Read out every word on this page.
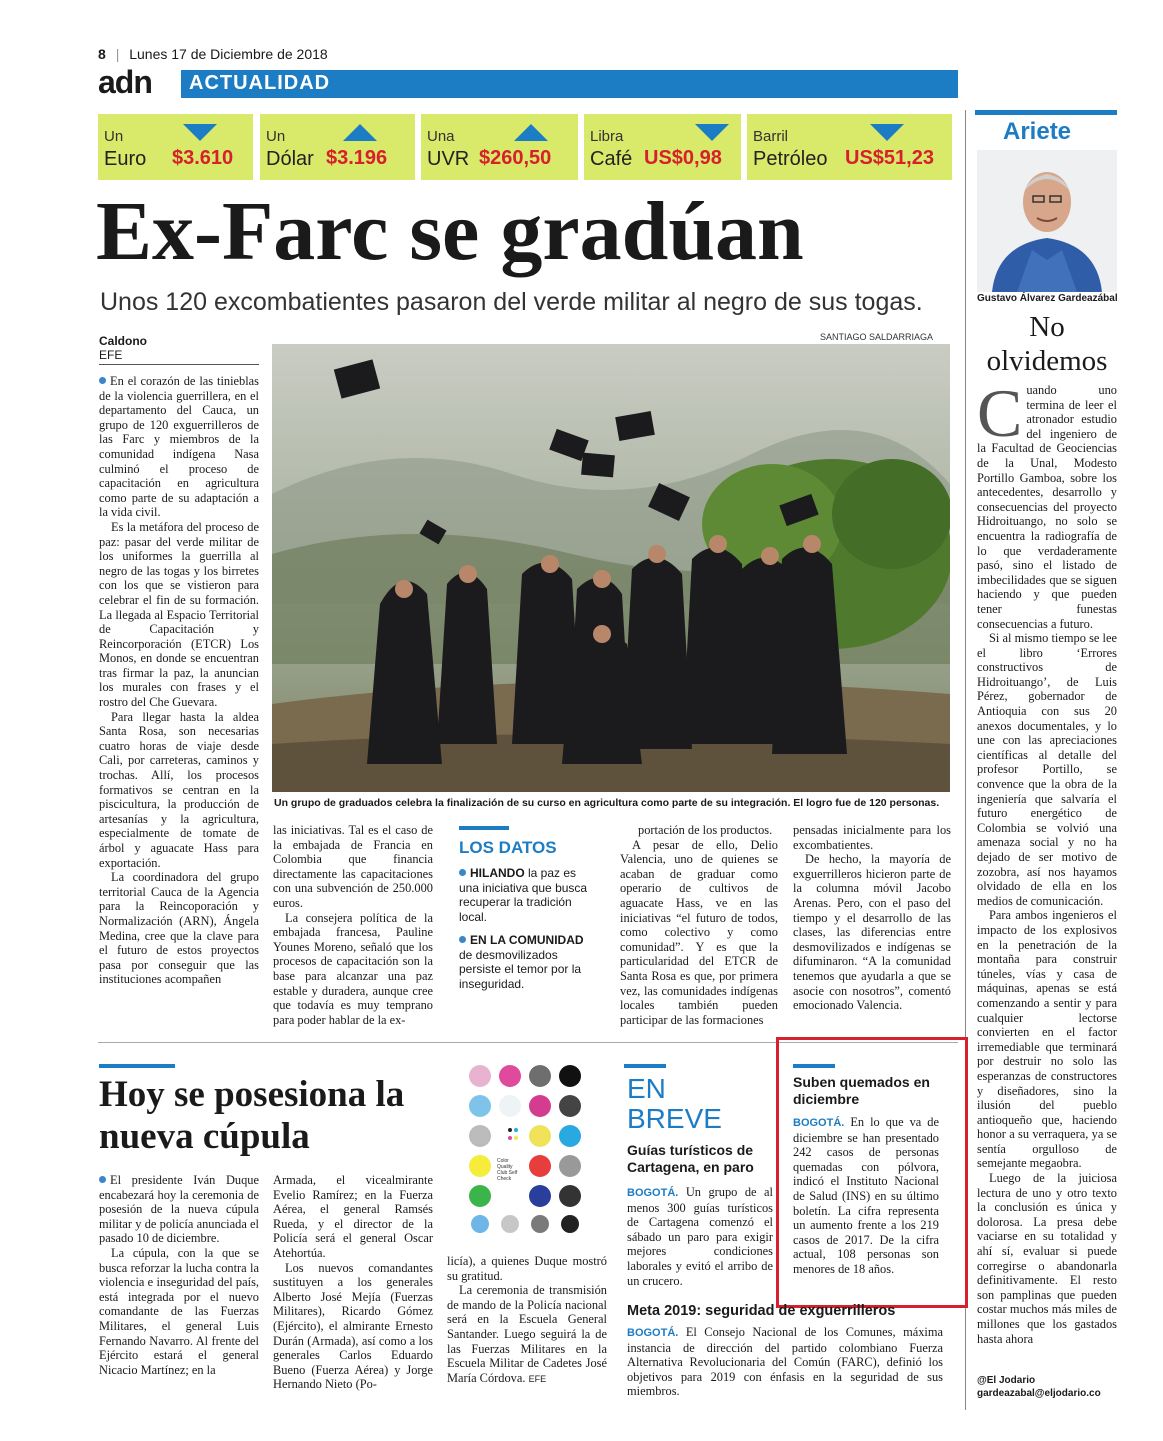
8 | Lunes 17 de Diciembre de 2018
adn	ACTUALIDAD
Un
Euro $3.610
Un
Dólar $3.196
Una
UVR $260,50
Libra
Café US$0,98
Barril
Petróleo US$51,23
Ex-Farc se gradúan
Unos 120 excombatientes pasaron del verde militar al negro de sus togas.
Caldono
EFE
SANTIAGO SALDARRIAGA
Un grupo de graduados celebra la finalización de su curso en agricultura como parte de su integración. El logro fue de 120 personas.

En el corazón de las tinieblas de la violencia guerrillera, en el departamento del Cauca, un grupo de 120 exguerrilleros de las Farc y miembros de la comunidad indígena Nasa culminó el proceso de capacitación en agricultura como parte de su adaptación a la vida civil.

Es la metáfora del proceso de paz: pasar del verde militar de los uniformes la guerrilla al negro de las togas y los birretes con los que se vistieron para celebrar el fin de su formación. La llegada al Espacio Territorial de Capacitación y Reincorporación (ETCR) Los Monos, en donde se encuentran tras firmar la paz, la anuncian los murales con frases y el rostro del Che Guevara.

Para llegar hasta la aldea Santa Rosa, son necesarias cuatro horas de viaje desde Cali, por carreteras, caminos y trochas. Allí, los procesos formativos se centran en la piscicultura, la producción de artesanías y la agricultura, especialmente de tomate de árbol y aguacate Hass para exportación.

La coordinadora del grupo territorial Cauca de la Agencia para la Reincoporación y Normalización (ARN), Ángela Medina, cree que la clave para el futuro de estos proyectos pasa por conseguir que las instituciones acompañen

las iniciativas. Tal es el caso de la embajada de Francia en Colombia que financia directamente las capacitaciones con una subvención de 250.000 euros.

La consejera política de la embajada francesa, Pauline Younes Moreno, señaló que los procesos de capacitación son la base para alcanzar una paz estable y duradera, aunque cree que todavía es muy temprano para poder hablar de la ex-

LOS DATOS

HILANDO la paz es una iniciativa que busca recuperar la tradición local.

EN LA COMUNIDAD de desmovilizados persiste el temor por la inseguridad.

portación de los productos.

A pesar de ello, Delio Valencia, uno de quienes se acaban de graduar como operario de cultivos de aguacate Hass, ve en las iniciativas “el futuro de todos, como colectivo y como comunidad”. Y es que la particularidad del ETCR de Santa Rosa es que, por primera vez, las comunidades indígenas locales también pueden participar de las formaciones

pensadas inicialmente para los excombatientes.

De hecho, la mayoría de exguerrilleros hicieron parte de la columna móvil Jacobo Arenas. Pero, con el paso del tiempo y el desarrollo de las clases, las diferencias entre desmovilizados e indígenas se difuminaron. “A la comunidad tenemos que ayudarla a que se asocie con nosotros”, comentó emocionado Valencia.

Ariete
Gustavo Álvarez Gardeazábal
No olvidemos

Cuando uno termina de leer el atronador estudio del ingeniero de la Facultad de Geociencias de la Unal, Modesto Portillo Gamboa, sobre los antecedentes, desarrollo y consecuencias del proyecto Hidroituango, no solo se encuentra la radiografía de lo que verdaderamente pasó, sino el listado de imbecilidades que se siguen haciendo y que pueden tener funestas consecuencias a futuro.

Si al mismo tiempo se lee el libro ‘Errores constructivos de Hidroituango’, de Luis Pérez, gobernador de Antioquia con sus 20 anexos documentales, y lo une con las apreciaciones científicas al detalle del profesor Portillo, se convence que la obra de la ingeniería que salvaría el futuro energético de Colombia se volvió una amenaza social y no ha dejado de ser motivo de zozobra, así nos hayamos olvidado de ella en los medios de comunicación.

Para ambos ingenieros el impacto de los explosivos en la penetración de la montaña para construir túneles, vías y casa de máquinas, apenas se está comenzando a sentir y para cualquier lectorse convierten en el factor irremediable que terminará por destruir no solo las esperanzas de constructores y diseñadores, sino la ilusión del pueblo antioqueño que, haciendo honor a su verraquera, ya se sentía orgulloso de semejante megaobra.

Luego de la juiciosa lectura de uno y otro texto la conclusión es única y dolorosa. La presa debe vaciarse en su totalidad y ahí sí, evaluar si puede corregirse o abandonarla definitivamente. El resto son pamplinas que pueden costar muchos más miles de millones que los gastados hasta ahora

@El Jodario
gardeazabal@eljodario.co
Hoy se posesiona la nueva cúpula

El presidente Iván Duque encabezará hoy la ceremonia de posesión de la nueva cúpula militar y de policía anunciada el pasado 10 de diciembre.

La cúpula, con la que se busca reforzar la lucha contra la violencia e inseguridad del país, está integrada por el nuevo comandante de las Fuerzas Militares, el general Luis Fernando Navarro. Al frente del Ejército estará el general Nicacio Martínez; en la

Armada, el vicealmirante Evelio Ramírez; en la Fuerza Aérea, el general Ramsés Rueda, y el director de la Policía será el general Oscar Atehortúa.

Los nuevos comandantes sustituyen a los generales Alberto José Mejía (Fuerzas Militares), Ricardo Gómez (Ejército), el almirante Ernesto Durán (Armada), así como a los generales Carlos Eduardo Bueno (Fuerza Aérea) y Jorge Hernando Nieto (Po-

licía), a quienes Duque mostró su gratitud.

La ceremonia de transmisión de mando de la Policía nacional será en la Escuela General Santander. Luego seguirá la de las Fuerzas Militares en la Escuela Militar de Cadetes José María Córdova. EFE

Color Quality Club Self Check
EN
BREVE
Guías turísticos de Cartagena, en paro

BOGOTÁ. Un grupo de al menos 300 guías turísticos de Cartagena comenzó el sábado un paro para exigir mejores condiciones laborales y evitó el arribo de un crucero.

Suben quemados en diciembre

BOGOTÁ. En lo que va de diciembre se han presentado 242 casos de personas quemadas con pólvora, indicó el Instituto Nacional de Salud (INS) en su último boletín. La cifra representa un aumento frente a los 219 casos de 2017. De la cifra actual, 108 personas son menores de 18 años.

Meta 2019: seguridad de exguerrilleros

BOGOTÁ. El Consejo Nacional de los Comunes, máxima instancia de dirección del partido colombiano Fuerza Alternativa Revolucionaria del Común (FARC), definió los objetivos para 2019 con énfasis en la seguridad de sus miembros.
